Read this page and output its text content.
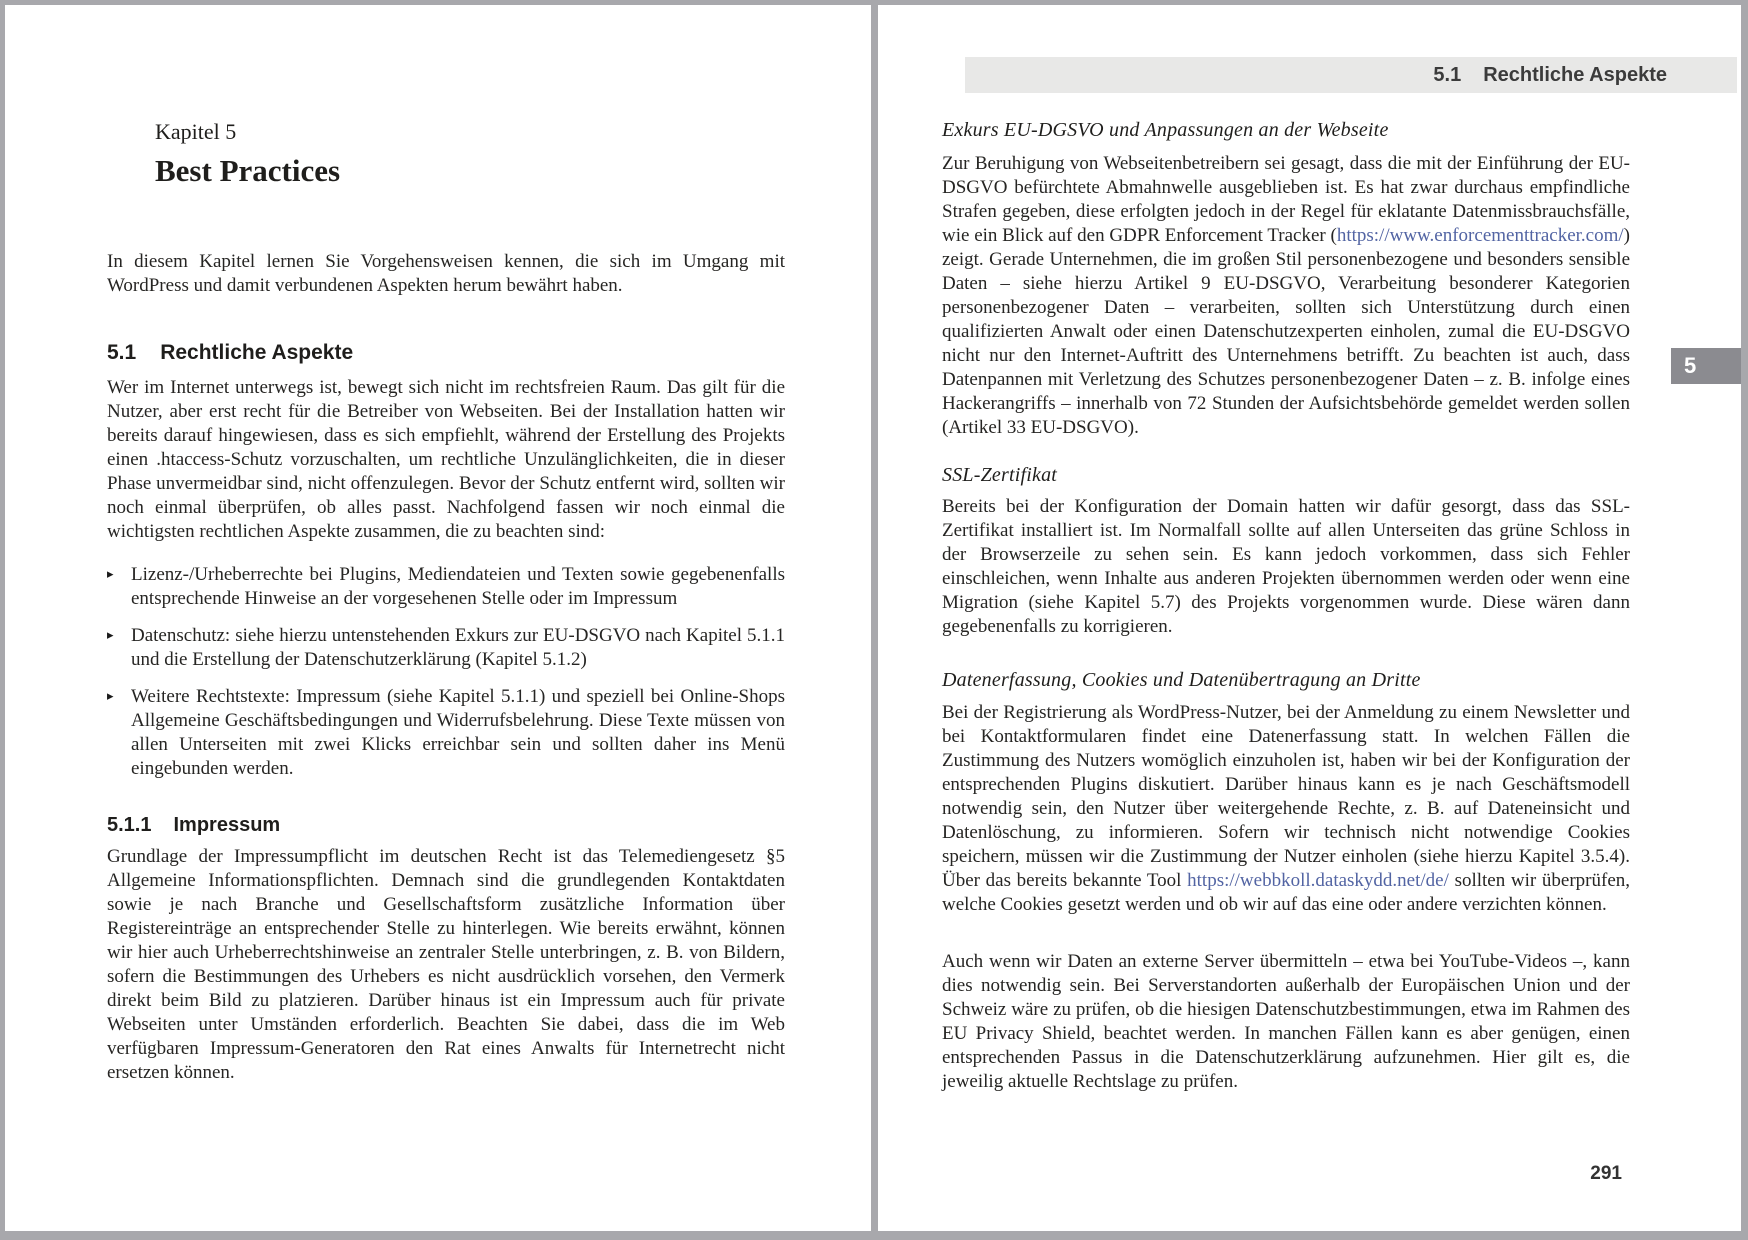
Kapitel 5
Best Practices

In diesem Kapitel lernen Sie Vorgehensweisen kennen, die sich im Umgang mit WordPress und damit verbundenen Aspekten herum bewährt haben.

5.1 Rechtliche Aspekte

Wer im Internet unterwegs ist, bewegt sich nicht im rechtsfreien Raum. Das gilt für die Nutzer, aber erst recht für die Betreiber von Webseiten. Bei der Installation hatten wir bereits darauf hingewiesen, dass es sich empfiehlt, während der Erstellung des Projekts einen .htaccess-Schutz vorzuschalten, um rechtliche Unzulänglichkeiten, die in dieser Phase unvermeidbar sind, nicht offenzulegen. Bevor der Schutz entfernt wird, sollten wir noch einmal überprüfen, ob alles passt. Nachfolgend fassen wir noch einmal die wichtigsten rechtlichen Aspekte zusammen, die zu beachten sind:

▸ Lizenz-/Urheberrechte bei Plugins, Mediendateien und Texten sowie gegebenenfalls entsprechende Hinweise an der vorgesehenen Stelle oder im Impressum
▸ Datenschutz: siehe hierzu untenstehenden Exkurs zur EU-DSGVO nach Kapitel 5.1.1 und die Erstellung der Datenschutzerklärung (Kapitel 5.1.2)
▸ Weitere Rechtstexte: Impressum (siehe Kapitel 5.1.1) und speziell bei Online-Shops Allgemeine Geschäftsbedingungen und Widerrufsbelehrung. Diese Texte müssen von allen Unterseiten mit zwei Klicks erreichbar sein und sollten daher ins Menü eingebunden werden.
5.1.1 Impressum

Grundlage der Impressumpflicht im deutschen Recht ist das Telemediengesetz §5 Allgemeine Informationspflichten. Demnach sind die grundlegenden Kontaktdaten sowie je nach Branche und Gesellschaftsform zusätzliche Information über Registereinträge an entsprechender Stelle zu hinterlegen. Wie bereits erwähnt, können wir hier auch Urheberrechtshinweise an zentraler Stelle unterbringen, z. B. von Bildern, sofern die Bestimmungen des Urhebers es nicht ausdrücklich vorsehen, den Vermerk direkt beim Bild zu platzieren. Darüber hinaus ist ein Impressum auch für private Webseiten unter Umständen erforderlich. Beachten Sie dabei, dass die im Web verfügbaren Impressum-Generatoren den Rat eines Anwalts für Internetrecht nicht ersetzen können.

5.1 Rechtliche Aspekte
5
Exkurs EU-DGSVO und Anpassungen an der Webseite

Zur Beruhigung von Webseitenbetreibern sei gesagt, dass die mit der Einführung der EU-DSGVO befürchtete Abmahnwelle ausgeblieben ist. Es hat zwar durchaus empfindliche Strafen gegeben, diese erfolgten jedoch in der Regel für eklatante Datenmissbrauchsfälle, wie ein Blick auf den GDPR Enforcement Tracker (https://www.enforcementtracker.com/) zeigt. Gerade Unternehmen, die im großen Stil personenbezogene und besonders sensible Daten – siehe hierzu Artikel 9 EU-DSGVO, Verarbeitung besonderer Kategorien personenbezogener Daten – verarbeiten, sollten sich Unterstützung durch einen qualifizierten Anwalt oder einen Datenschutzexperten einholen, zumal die EU-DSGVO nicht nur den Internet-Auftritt des Unternehmens betrifft. Zu beachten ist auch, dass Datenpannen mit Verletzung des Schutzes personenbezogener Daten – z. B. infolge eines Hackerangriffs – innerhalb von 72 Stunden der Aufsichtsbehörde gemeldet werden sollen (Artikel 33 EU-DSGVO).

SSL-Zertifikat

Bereits bei der Konfiguration der Domain hatten wir dafür gesorgt, dass das SSL-Zertifikat installiert ist. Im Normalfall sollte auf allen Unterseiten das grüne Schloss in der Browserzeile zu sehen sein. Es kann jedoch vorkommen, dass sich Fehler einschleichen, wenn Inhalte aus anderen Projekten übernommen werden oder wenn eine Migration (siehe Kapitel 5.7) des Projekts vorgenommen wurde. Diese wären dann gegebenenfalls zu korrigieren.

Datenerfassung, Cookies und Datenübertragung an Dritte

Bei der Registrierung als WordPress-Nutzer, bei der Anmeldung zu einem Newsletter und bei Kontaktformularen findet eine Datenerfassung statt. In welchen Fällen die Zustimmung des Nutzers womöglich einzuholen ist, haben wir bei der Konfiguration der entsprechenden Plugins diskutiert. Darüber hinaus kann es je nach Geschäftsmodell notwendig sein, den Nutzer über weitergehende Rechte, z. B. auf Dateneinsicht und Datenlöschung, zu informieren. Sofern wir technisch nicht notwendige Cookies speichern, müssen wir die Zustimmung der Nutzer einholen (siehe hierzu Kapitel 3.5.4). Über das bereits bekannte Tool https://webbkoll.dataskydd.net/de/ sollten wir überprüfen, welche Cookies gesetzt werden und ob wir auf das eine oder andere verzichten können.

Auch wenn wir Daten an externe Server übermitteln – etwa bei YouTube-Videos –, kann dies notwendig sein. Bei Serverstandorten außerhalb der Europäischen Union und der Schweiz wäre zu prüfen, ob die hiesigen Datenschutzbestimmungen, etwa im Rahmen des EU Privacy Shield, beachtet werden. In manchen Fällen kann es aber genügen, einen entsprechenden Passus in die Datenschutzerklärung aufzunehmen. Hier gilt es, die jeweilig aktuelle Rechtslage zu prüfen.

291
